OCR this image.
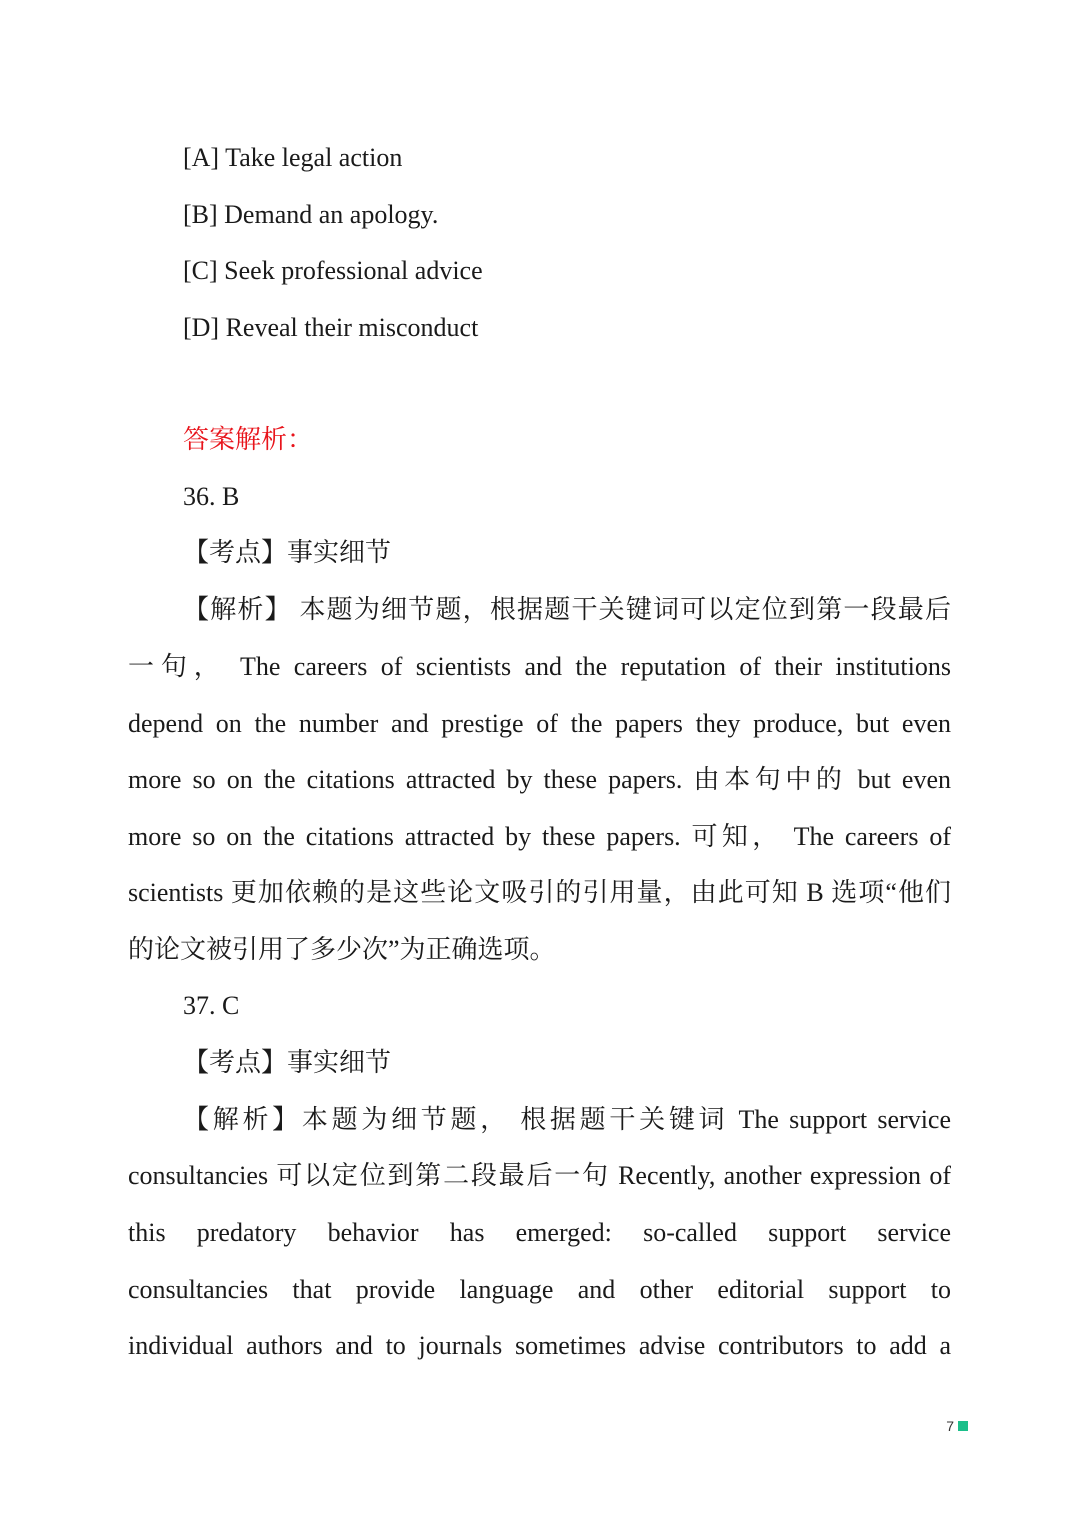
[A] Take legal action
[B] Demand an apology.
[C] Seek professional advice
[D] Reveal their misconduct
答案解析：
36. B
【考点】事实细节
【解析】 本题为细节题，根据题干关键词可以定位到第一段最后
一句， The careers of scientists and the reputation of their institutions
depend on the number and prestige of the papers they produce, but even
more so on the citations attracted by these papers. 由本句中的 but even
more so on the citations attracted by these papers. 可知， The careers of
scientists 更加依赖的是这些论文吸引的引用量，由此可知 B 选项“他们
的论文被引用了多少次”为正确选项。
37. C
【考点】事实细节
【解析】本题为细节题， 根据题干关键词 The support service
consultancies 可以定位到第二段最后一句 Recently, another expression of
this predatory behavior has emerged: so-called support service
consultancies that provide language and other editorial support to
individual authors and to journals sometimes advise contributors to add a
7
